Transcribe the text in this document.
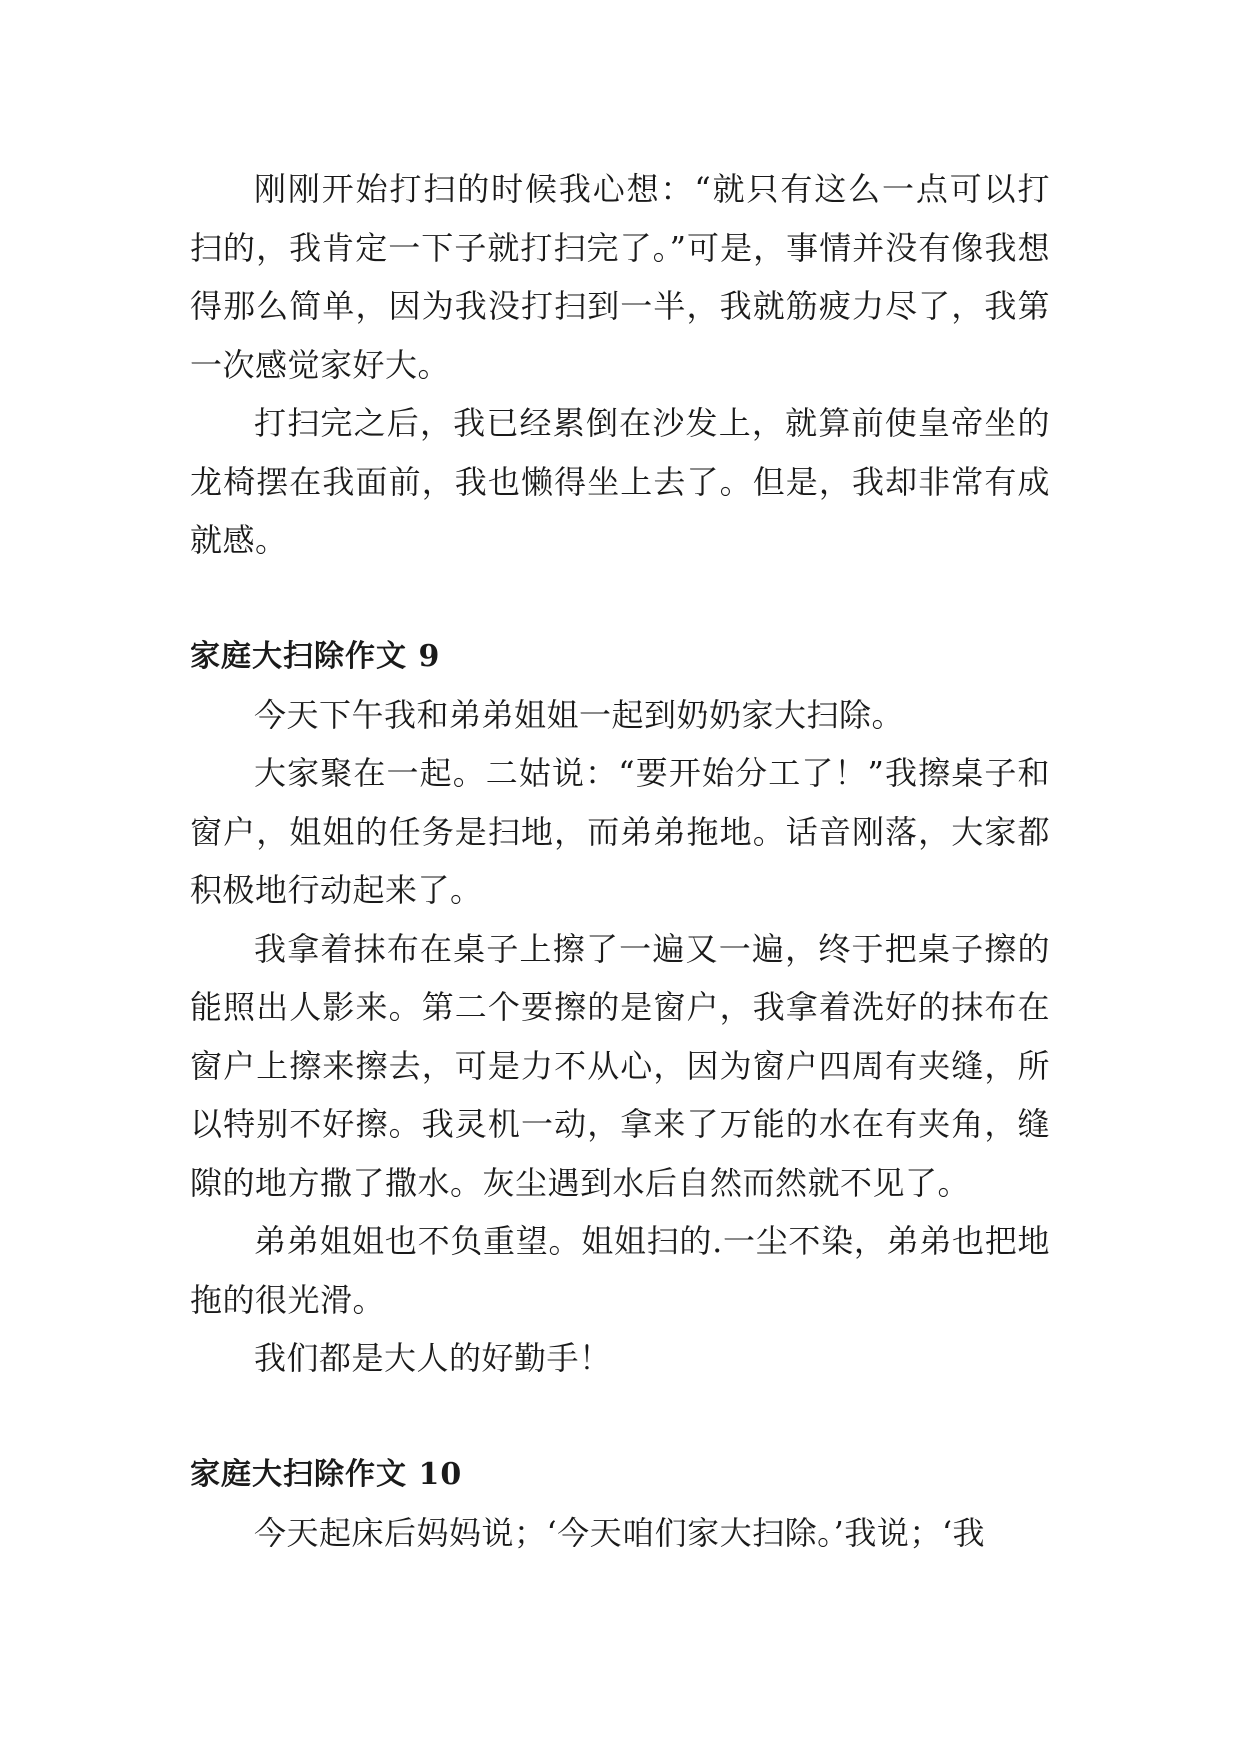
刚刚开始打扫的时候我心想：“就只有这么一点可以打扫的，我肯定一下子就打扫完了。”可是，事情并没有像我想得那么简单，因为我没打扫到一半，我就筋疲力尽了，我第一次感觉家好大。

打扫完之后，我已经累倒在沙发上，就算前使皇帝坐的龙椅摆在我面前，我也懒得坐上去了。但是，我却非常有成就感。

家庭大扫除作文 9

今天下午我和弟弟姐姐一起到奶奶家大扫除。

大家聚在一起。二姑说：“要开始分工了！”我擦桌子和窗户，姐姐的任务是扫地，而弟弟拖地。话音刚落，大家都积极地行动起来了。

我拿着抹布在桌子上擦了一遍又一遍，终于把桌子擦的能照出人影来。第二个要擦的是窗户，我拿着洗好的抹布在窗户上擦来擦去，可是力不从心，因为窗户四周有夹缝，所以特别不好擦。我灵机一动，拿来了万能的水在有夹角，缝隙的地方撒了撒水。灰尘遇到水后自然而然就不见了。

弟弟姐姐也不负重望。姐姐扫的.一尘不染，弟弟也把地拖的很光滑。

我们都是大人的好勤手！

家庭大扫除作文 10

今天起床后妈妈说；‘今天咱们家大扫除。’我说；‘我
